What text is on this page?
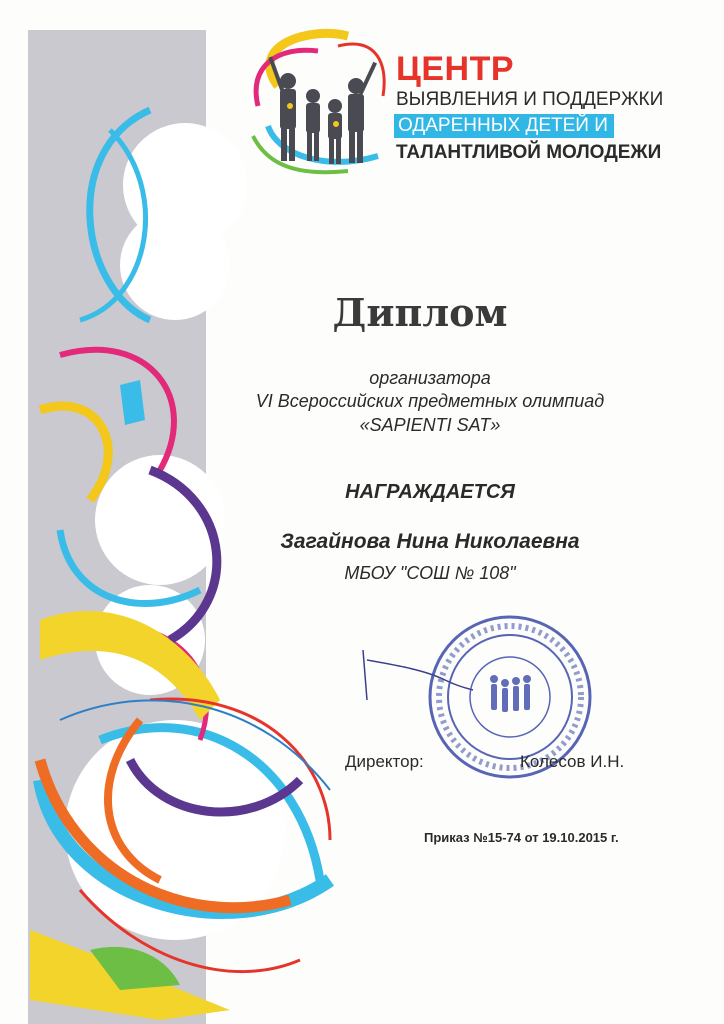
ЦЕНТР
ВЫЯВЛЕНИЯ И ПОДДЕРЖКИ
ОДАРЕННЫХ ДЕТЕЙ И
ТАЛАНТЛИВОЙ МОЛОДЕЖИ
Диплом
организатора
VI Всероссийских предметных олимпиад
«SAPIENTI SAT»
НАГРАЖДАЕТСЯ
Загайнова Нина Николаевна
МБОУ "СОШ № 108"
Директор:	Колесов И.Н.
Приказ №15-74 от 19.10.2015 г.
